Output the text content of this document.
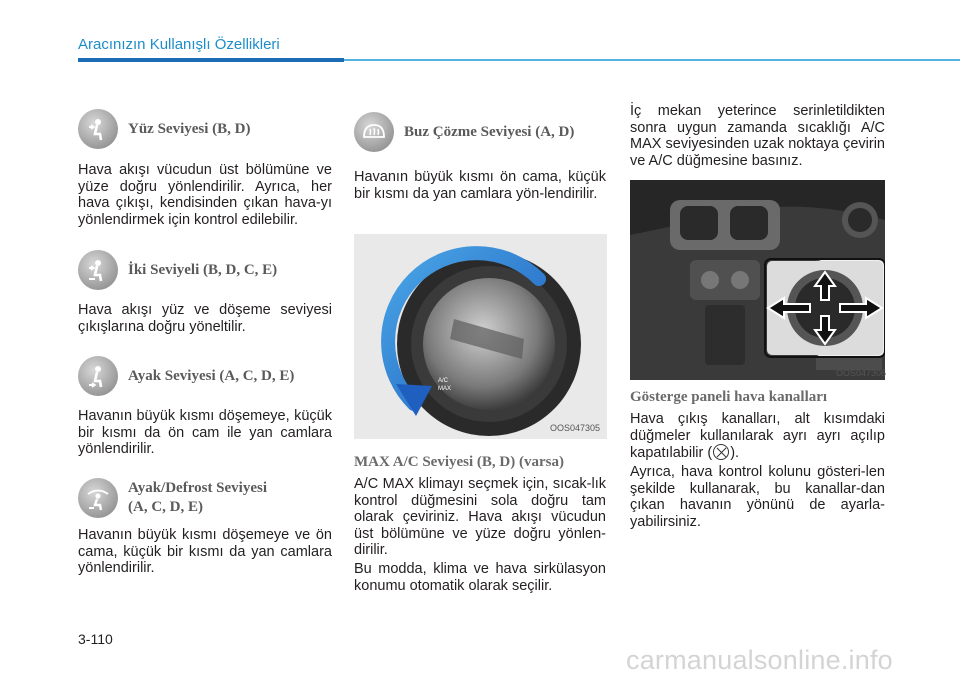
Aracınızın Kullanışlı Özellikleri
Yüz Seviyesi (B, D)
Hava akışı vücudun üst bölümüne ve yüze doğru yönlendirilir. Ayrıca, her hava çıkışı, kendisinden çıkan hava-yı yönlendirmek için kontrol edilebilir.
İki Seviyeli (B, D, C, E)
Hava akışı yüz ve döşeme seviyesi çıkışlarına doğru yöneltilir.
Ayak Seviyesi (A, C, D, E)
Havanın büyük kısmı döşemeye, küçük bir kısmı da ön cam ile yan camlara yönlendirilir.
Ayak/Defrost Seviyesi
(A, C, D, E)
Havanın büyük kısmı döşemeye ve ön cama, küçük bir kısmı da yan camlara yönlendirilir.
Buz Çözme Seviyesi (A, D)
Havanın büyük kısmı ön cama, küçük bir kısmı da yan camlara yön-lendirilir.
A/C
MAX
OOS047305
MAX A/C Seviyesi (B, D) (varsa)
A/C MAX klimayı seçmek için, sıcak-lık kontrol düğmesini sola doğru tam olarak çeviriniz. Hava akışı vücudun üst bölümüne ve yüze doğru yönlen-dirilir.
Bu modda, klima ve hava sirkülasyon konumu otomatik olarak seçilir.
İç mekan yeterince serinletildikten sonra uygun zamanda sıcaklığı A/C MAX seviyesinden uzak noktaya çevirin ve A/C düğmesine basınız.
OOS047306
Gösterge paneli hava kanalları
Hava çıkış kanalları, alt kısımdaki düğmeler kullanılarak ayrı ayrı açılıp kapatılabilir ( ).
Ayrıca, hava kontrol kolunu gösteri-len şekilde kullanarak, bu kanallar-dan çıkan havanın yönünü de ayarla-yabilirsiniz.
3-110
carmanualsonline.info
